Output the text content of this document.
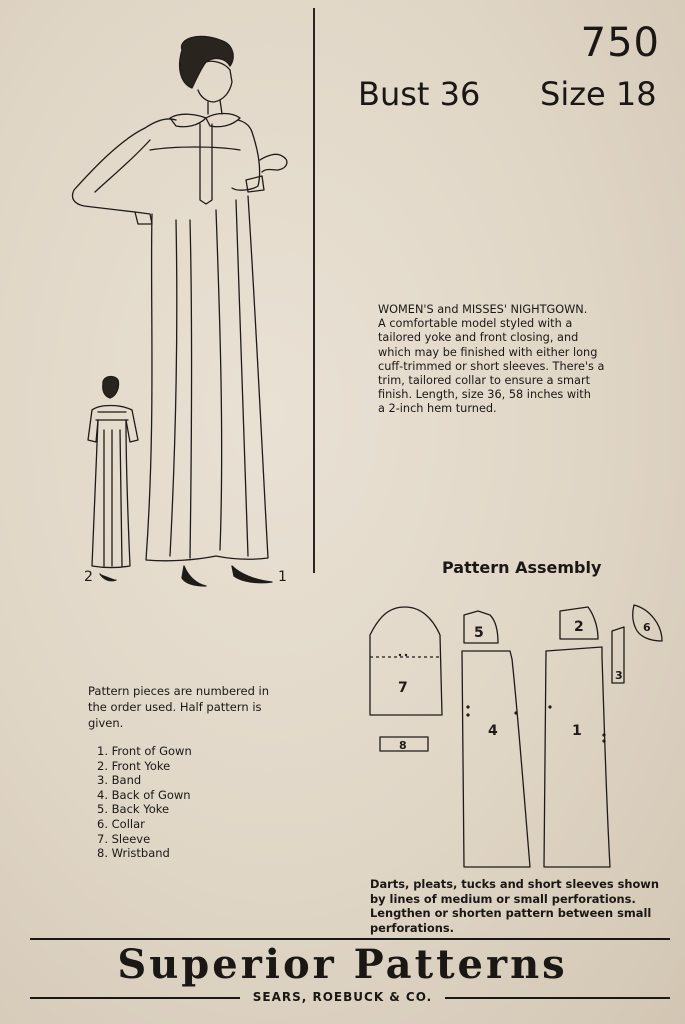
2	1
750
Bust 36 Size 18
WOMEN'S and MISSES' NIGHTGOWN.
A comfortable model styled with a
tailored yoke and front closing, and
which may be finished with either long
cuff-trimmed or short sleeves. There's a
trim, tailored collar to ensure a smart
finish. Length, size 36, 58 inches with
a 2-inch hem turned.
Pattern Assembly
7
8
5
4
2
1
6
3
Pattern pieces are numbered in the order used. Half pattern is given.
1. Front of Gown
2. Front Yoke
3. Band
4. Back of Gown
5. Back Yoke
6. Collar
7. Sleeve
8. Wristband
Darts, pleats, tucks and short sleeves shown by lines of medium or small perforations. Lengthen or shorten pattern between small perforations.
Superior Patterns
SEARS, ROEBUCK & CO.
